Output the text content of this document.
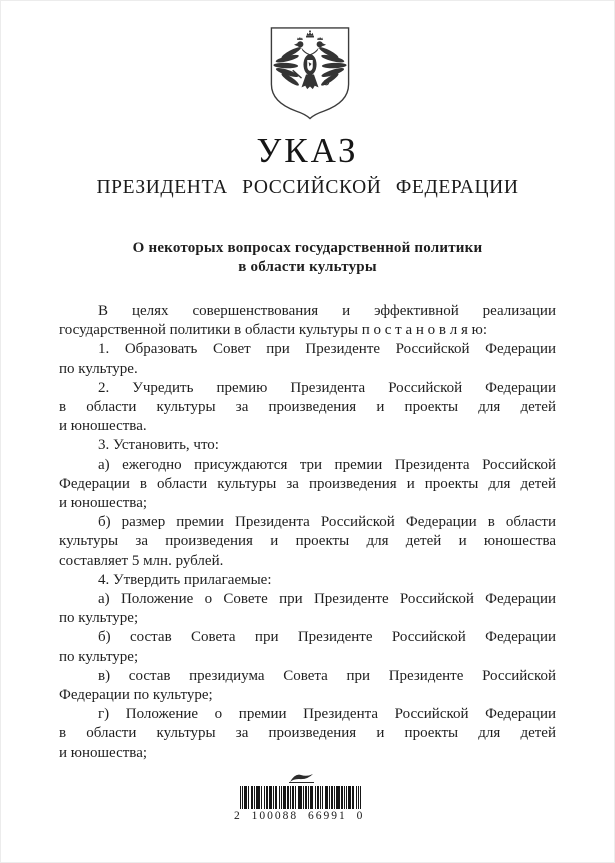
УКАЗ
ПРЕЗИДЕНТА РОССИЙСКОЙ ФЕДЕРАЦИИ
О некоторых вопросах государственной политики
в области культуры
В целях совершенствования и эффективной реализации
государственной политики в области культуры п о с т а н о в л я ю:
1. Образовать Совет при Президенте Российской Федерации
по культуре.
2. Учредить премию Президента Российской Федерации
в области культуры за произведения и проекты для детей
и юношества.
3. Установить, что:
а) ежегодно присуждаются три премии Президента Российской
Федерации в области культуры за произведения и проекты для детей
и юношества;
б) размер премии Президента Российской Федерации в области
культуры за произведения и проекты для детей и юношества
составляет 5 млн. рублей.
4. Утвердить прилагаемые:
а) Положение о Совете при Президенте Российской Федерации
по культуре;
б) состав Совета при Президенте Российской Федерации
по культуре;
в) состав президиума Совета при Президенте Российской
Федерации по культуре;
г) Положение о премии Президента Российской Федерации
в области культуры за произведения и проекты для детей
и юношества;
2 100088 66991 0
